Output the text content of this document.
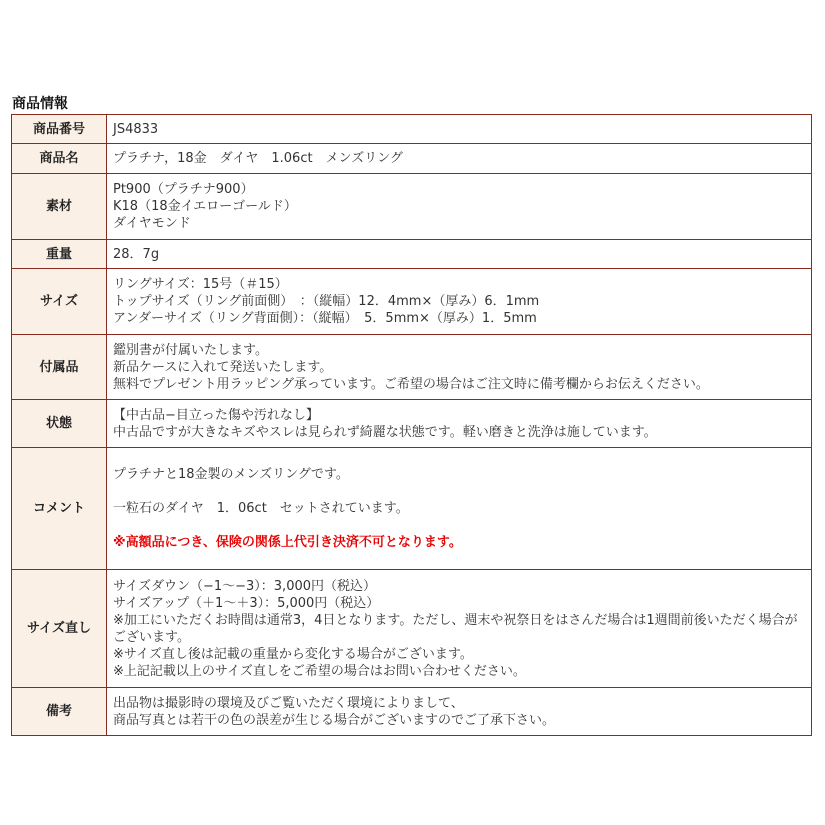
商品情報
商品番号	JS4833
商品名	プラチナ，18金　ダイヤ　1.06ct　メンズリング
素材	Pt900（プラチナ900）
K18（18金イエローゴールド）
ダイヤモンド

重量	28．7g
サイズ	リングサイズ：15号（＃15）
トップサイズ（リング前面側）　：（縦幅）12．4mm×（厚み）6．1mm
アンダーサイズ（リング背面側）：（縦幅）　5．5mm×（厚み）1．5mm

付属品	鑑別書が付属いたします。
新品ケースに入れて発送いたします。
無料でプレゼント用ラッピング承っています。ご希望の場合はご注文時に備考欄からお伝えください。

状態	【中古品−目立った傷や汚れなし】
中古品ですが大きなキズやスレは見られず綺麗な状態です。軽い磨きと洗浄は施しています。

コメント	プラチナと18金製のメンズリングです。
一粒石のダイヤ　1．06ct　セットされています。
※高額品につき、保険の関係上代引き決済不可となります。

サイズ直し	サイズダウン（−1〜−3）：3,000円（税込）
サイズアップ（＋1〜＋3）：5,000円（税込）
※加工にいただくお時間は通常3，4日となります。ただし、週末や祝祭日をはさんだ場合は1週間前後いただく場合がございます。
※サイズ直し後は記載の重量から変化する場合がございます。
※上記記載以上のサイズ直しをご希望の場合はお問い合わせください。

備考	出品物は撮影時の環境及びご覧いただく環境によりまして、
商品写真とは若干の色の誤差が生じる場合がございますのでご了承下さい。
